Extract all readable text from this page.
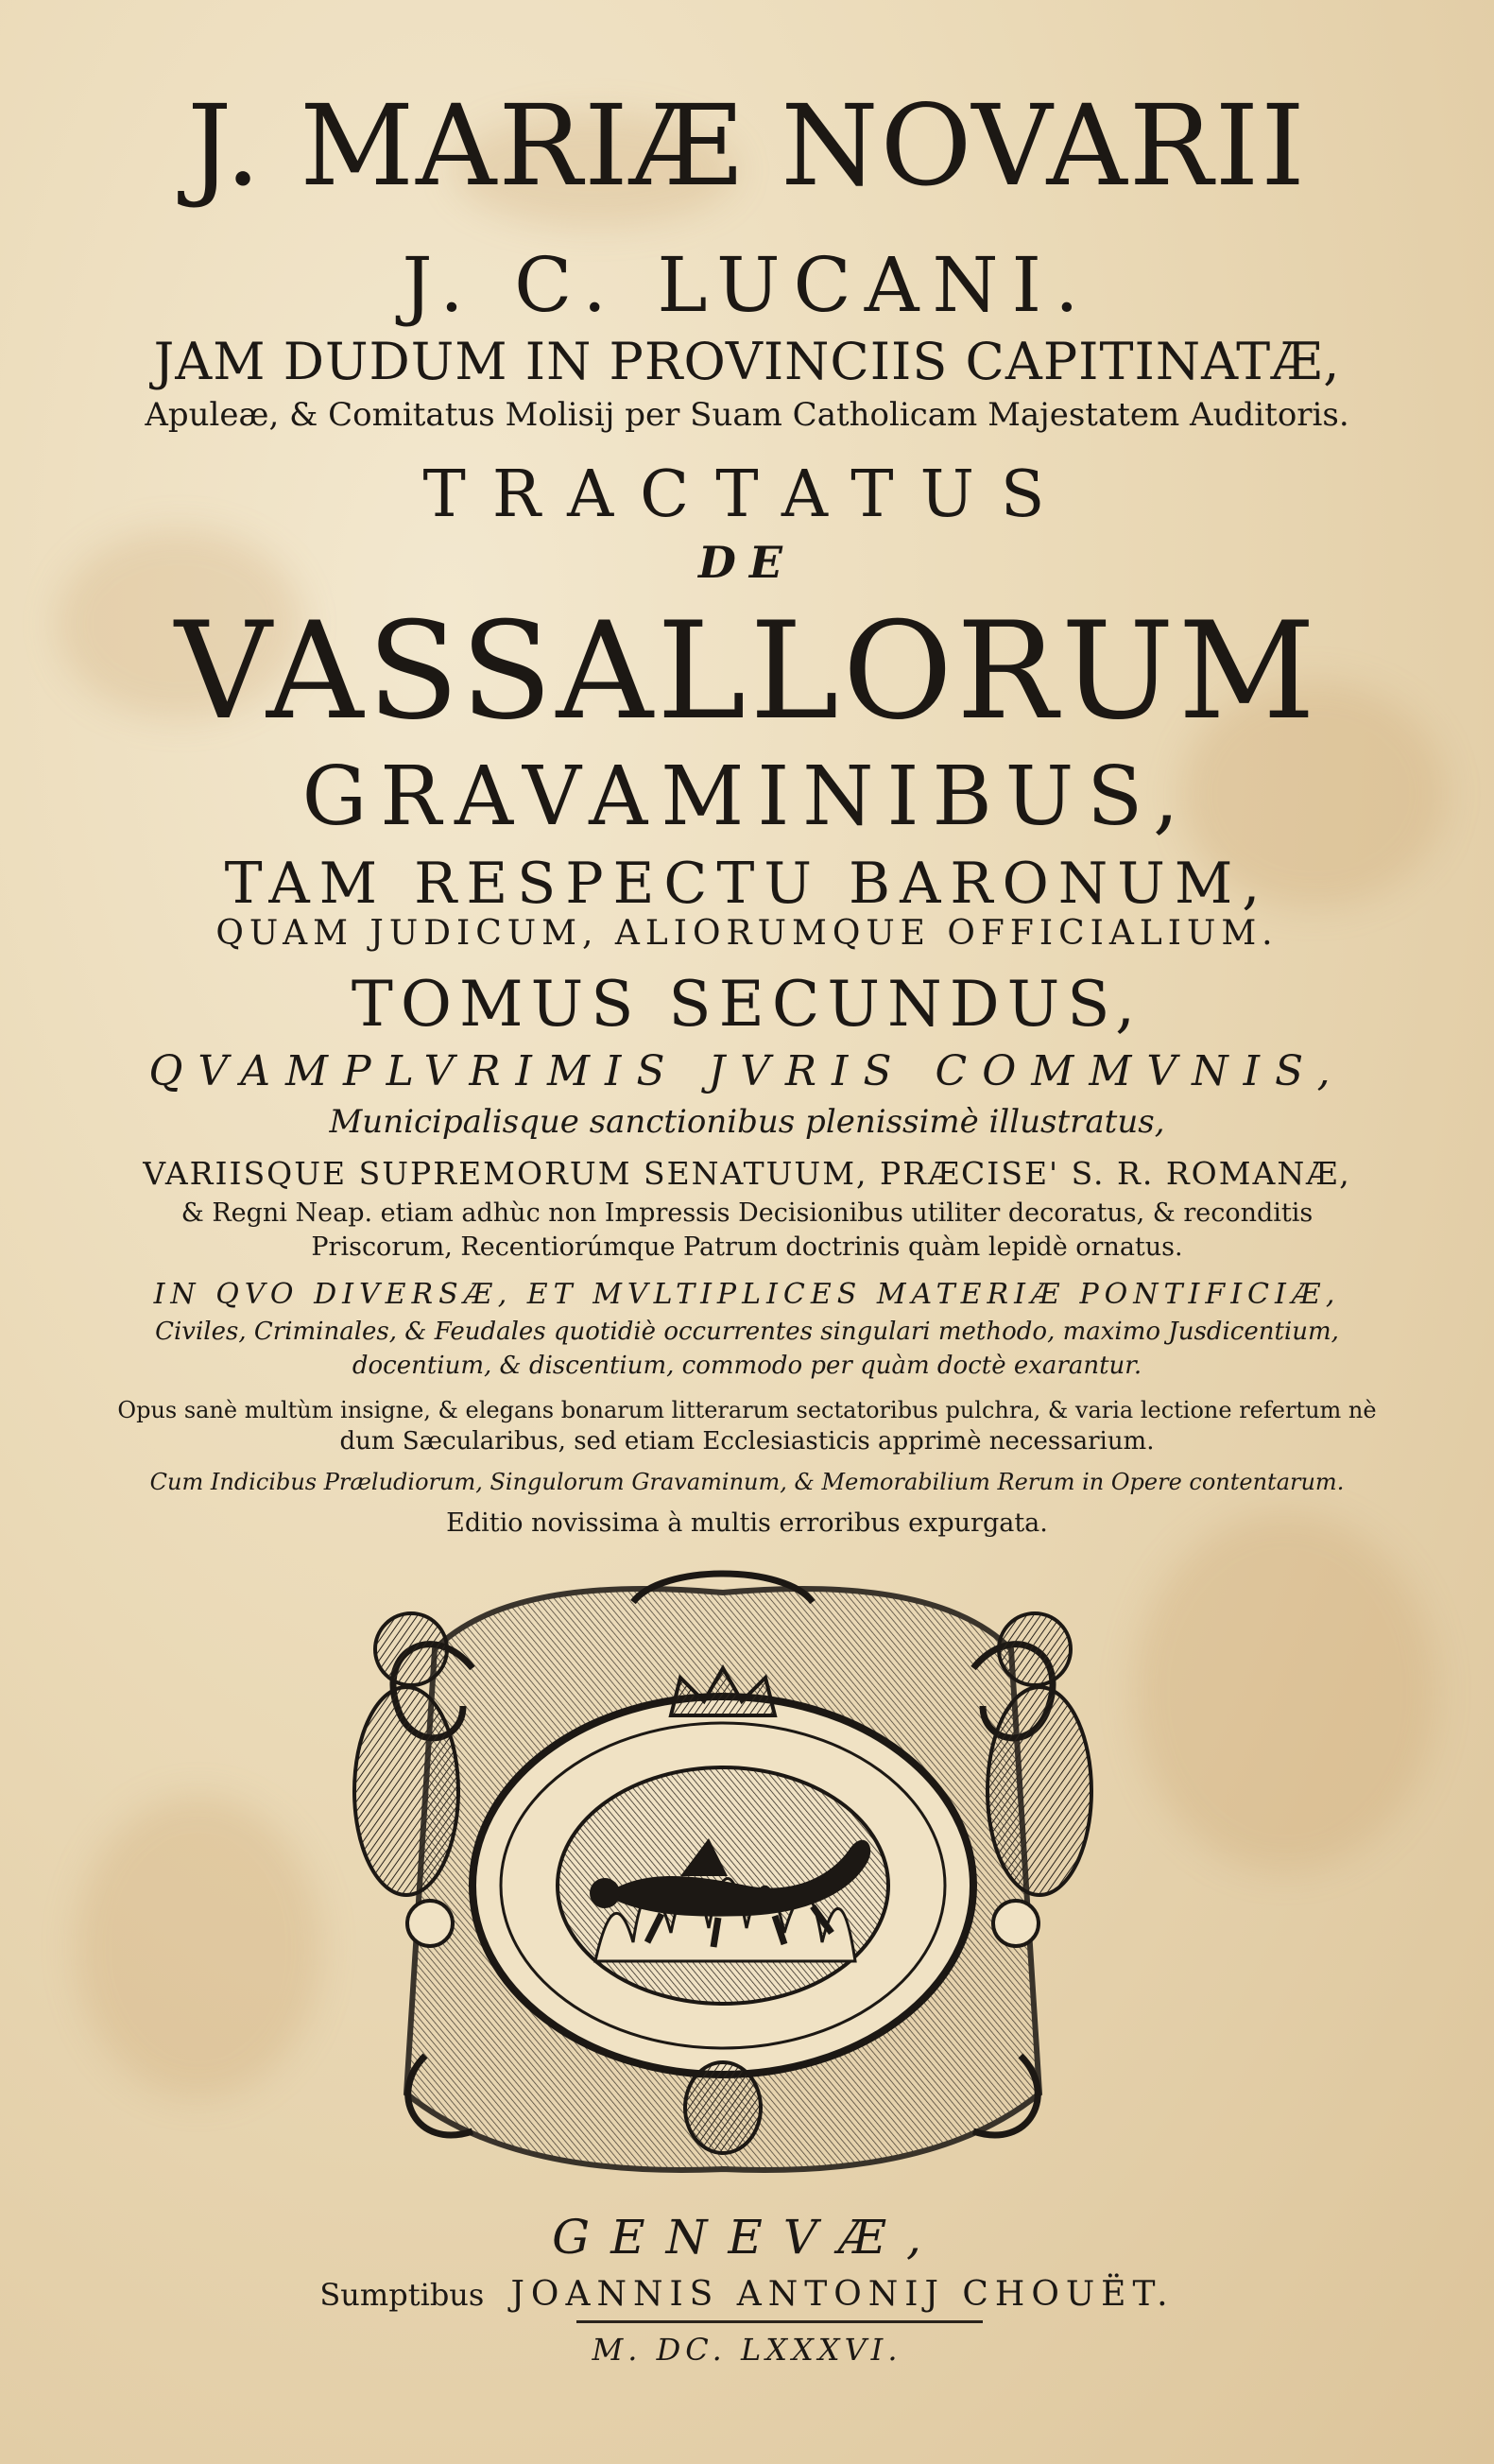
J. MARIÆ NOVARII

J. C. LUCANI.

JAM DUDUM IN PROVINCIIS CAPITINATÆ,

Apuleæ, & Comitatus Molisij per Suam Catholicam Majestatem Auditoris.

TRACTATUS

DE

VASSALLORUM

GRAVAMINIBUS,

TAM RESPECTU BARONUM,

QUAM JUDICUM, ALIORUMQUE OFFICIALIUM.

TOMUS SECUNDUS,

QVAMPLVRIMIS JVRIS COMMVNIS,

Municipalisque sanctionibus plenissimè illustratus,

VARIISQUE SUPREMORUM SENATUUM, PRÆCISE' S. R. ROMANÆ,

& Regni Neap. etiam adhùc non Impressis Decisionibus utiliter decoratus, & reconditis

Priscorum, Recentiorúmque Patrum doctrinis quàm lepidè ornatus.

IN QVO DIVERSÆ, ET MVLTIPLICES MATERIÆ PONTIFICIÆ,

Civiles, Criminales, & Feudales quotidiè occurrentes singulari methodo, maximo Jusdicentium,

docentium, & discentium, commodo per quàm doctè exarantur.

Opus sanè multùm insigne, & elegans bonarum litterarum sectatoribus pulchra, & varia lectione refertum nè

dum Sæcularibus, sed etiam Ecclesiasticis apprimè necessarium.

Cum Indicibus Præludiorum, Singulorum Gravaminum, & Memorabilium Rerum in Opere contentarum.

Editio novissima à multis erroribus expurgata.

GENEVÆ,

Sumptibus JOANNIS ANTONIJ CHOUËT.

M. DC. LXXXVI.
